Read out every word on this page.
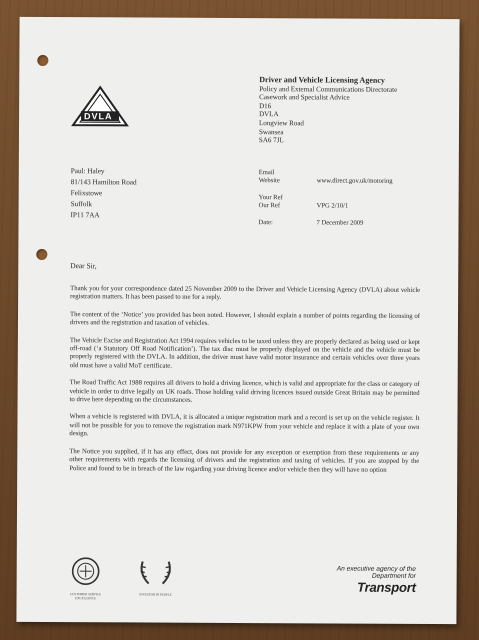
DVLA
Driver and Vehicle Licensing Agency
Policy and External Communications Directorate
Casework and Specialist Advice
D16
DVLA
Longview Road
Swansea
SA6 7JL
Paul: Haley
81/143 Hamilton Road
Felixstowe
Suffolk
IP11 7AA
Email
Website	www.direct.gov.uk/motoring
Your Ref
Our Ref	VPG 2/10/1
Date:	7 December 2009
Dear Sir,

Thank you for your correspondence dated 25 November 2009 to the Driver and Vehicle Licensing Agency (DVLA) about vehicle registration matters. It has been passed to me for a reply.

The content of the ‘Notice’ you provided has been noted. However, I should explain a number of points regarding the licensing of drivers and the registration and taxation of vehicles.

The Vehicle Excise and Registration Act 1994 requires vehicles to be taxed unless they are properly declared as being used or kept off-road (‘a Statutory Off Road Notification’). The tax disc must be properly displayed on the vehicle and the vehicle must be properly registered with the DVLA. In addition, the driver must have valid motor insurance and certain vehicles over three years old must have a valid MoT certificate.

The Road Traffic Act 1988 requires all drivers to hold a driving licence, which is valid and appropriate for the class or category of vehicle in order to drive legally on UK roads. Those holding valid driving licences issued outside Great Britain may be permitted to drive here depending on the circumstances.

When a vehicle is registered with DVLA, it is allocated a unique registration mark and a record is set up on the vehicle register. It will not be possible for you to remove the registration mark N971KPW from your vehicle and replace it with a plate of your own design.

The Notice you supplied, if it has any effect, does not provide for any exception or exemption from these requirements or any other requirements with regards the licensing of drivers and the registration and taxing of vehicles. If you are stopped by the Police and found to be in breach of the law regarding your driving licence and/or vehicle then they will have no option

CUSTOMER SERVICE EXCELLENCE
INVESTOR IN PEOPLE
An executive agency of the
Department for
Transport
